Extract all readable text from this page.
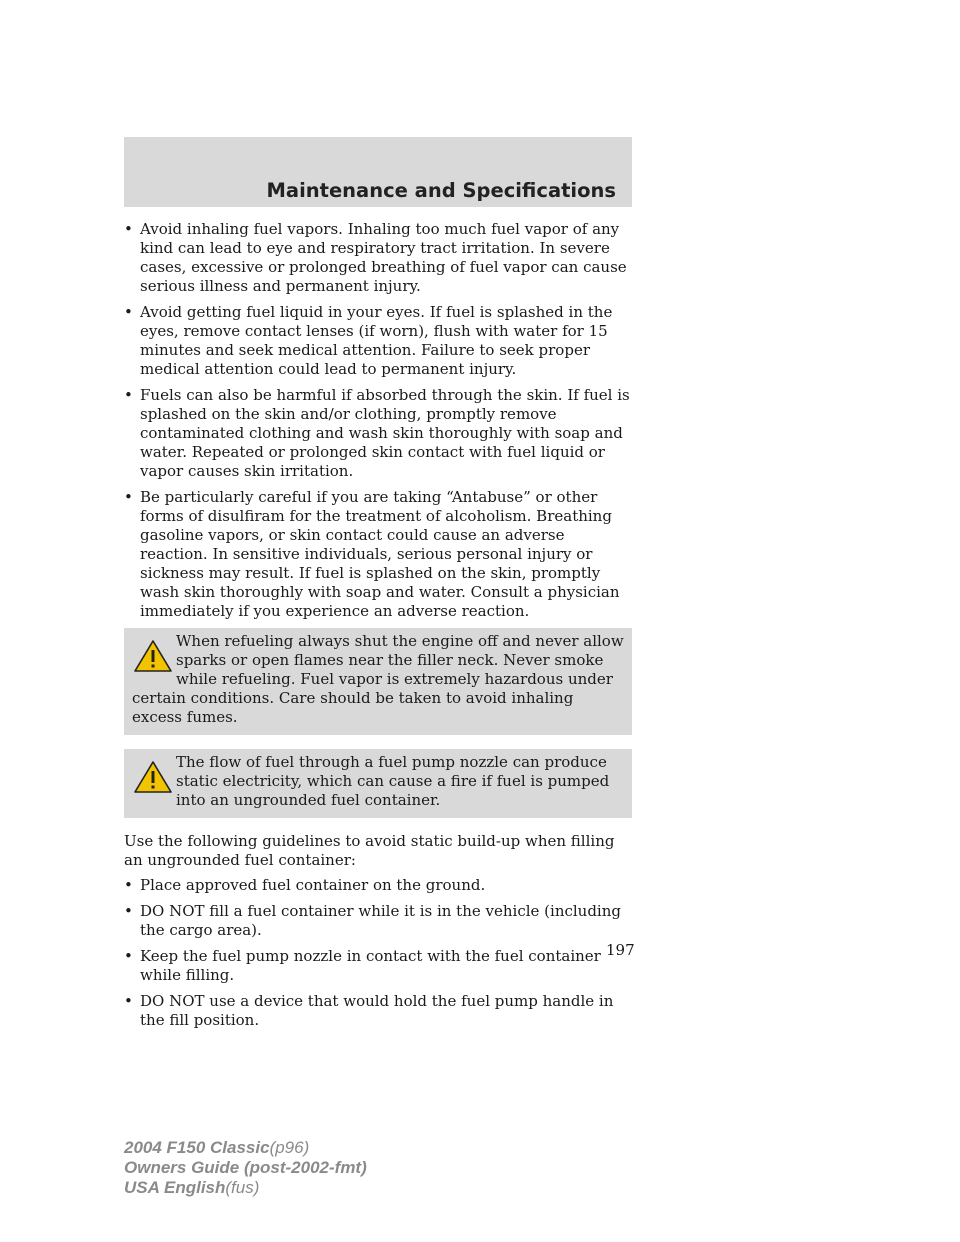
Maintenance and Specifications
• Avoid inhaling fuel vapors. Inhaling too much fuel vapor of any kind can lead to eye and respiratory tract irritation. In severe cases, excessive or prolonged breathing of fuel vapor can cause serious illness and permanent injury.
• Avoid getting fuel liquid in your eyes. If fuel is splashed in the eyes, remove contact lenses (if worn), flush with water for 15 minutes and seek medical attention. Failure to seek proper medical attention could lead to permanent injury.
• Fuels can also be harmful if absorbed through the skin. If fuel is splashed on the skin and/or clothing, promptly remove contaminated clothing and wash skin thoroughly with soap and water. Repeated or prolonged skin contact with fuel liquid or vapor causes skin irritation.
• Be particularly careful if you are taking “Antabuse” or other forms of disulfiram for the treatment of alcoholism. Breathing gasoline vapors, or skin contact could cause an adverse reaction. In sensitive individuals, serious personal injury or sickness may result. If fuel is splashed on the skin, promptly wash skin thoroughly with soap and water. Consult a physician immediately if you experience an adverse reaction.
When refueling always shut the engine off and never allow sparks or open flames near the filler neck. Never smoke while refueling. Fuel vapor is extremely hazardous under certain conditions. Care should be taken to avoid inhaling excess fumes.
The flow of fuel through a fuel pump nozzle can produce static electricity, which can cause a fire if fuel is pumped into an ungrounded fuel container.

Use the following guidelines to avoid static build-up when filling an ungrounded fuel container:

• Place approved fuel container on the ground.
• DO NOT fill a fuel container while it is in the vehicle (including the cargo area).
• Keep the fuel pump nozzle in contact with the fuel container while filling.
• DO NOT use a device that would hold the fuel pump handle in the fill position.
197
2004 F150 Classic(p96)
Owners Guide (post-2002-fmt)
USA English(fus)
